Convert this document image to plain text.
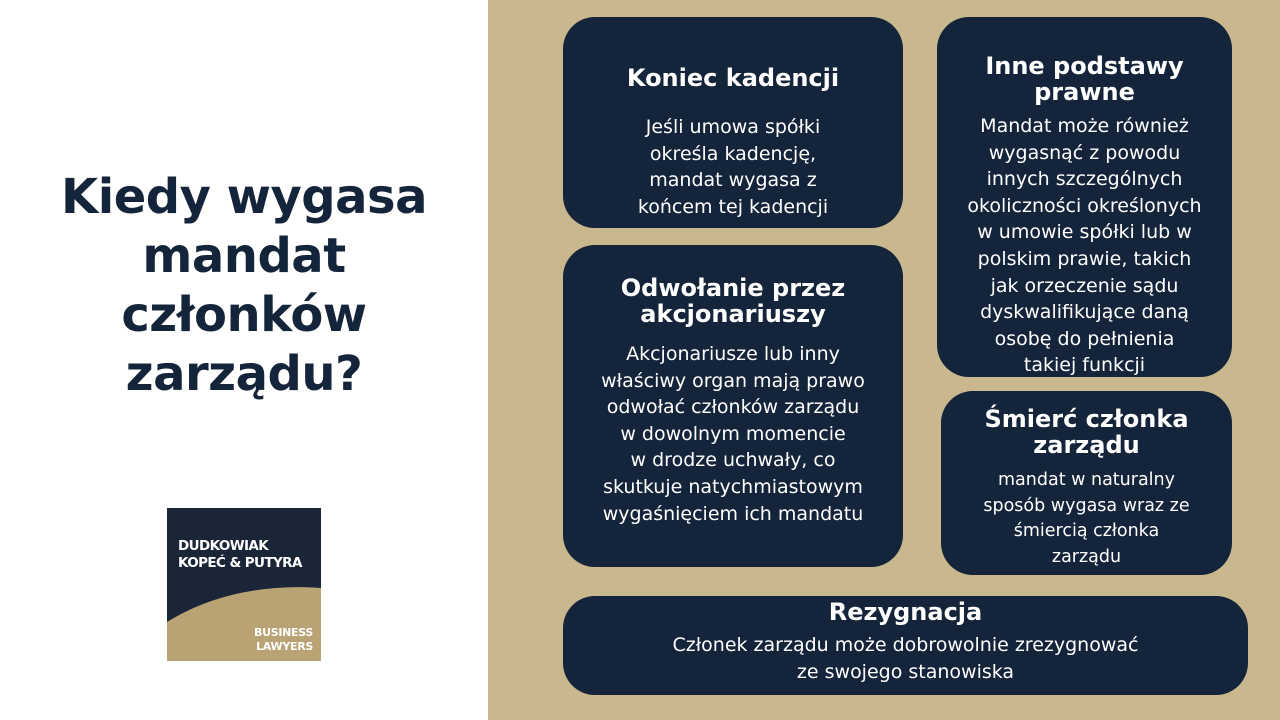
Kiedy wygasa
mandat
członków
zarządu?
DUDKOWIAK
KOPEĆ & PUTYRA
BUSINESS
LAWYERS
Koniec kadencji
Jeśli umowa spółki
określa kadencję,
mandat wygasa z
końcem tej kadencji
Inne podstawy
prawne
Mandat może również
wygasnąć z powodu
innych szczególnych
okoliczności określonych
w umowie spółki lub w
polskim prawie, takich
jak orzeczenie sądu
dyskwalifikujące daną
osobę do pełnienia
takiej funkcji
Odwołanie przez
akcjonariuszy
Akcjonariusze lub inny
właściwy organ mają prawo
odwołać członków zarządu
w dowolnym momencie
w drodze uchwały, co
skutkuje natychmiastowym
wygaśnięciem ich mandatu
Śmierć członka
zarządu
mandat w naturalny
sposób wygasa wraz ze
śmiercią członka
zarządu
Rezygnacja
Członek zarządu może dobrowolnie zrezygnować
ze swojego stanowiska
